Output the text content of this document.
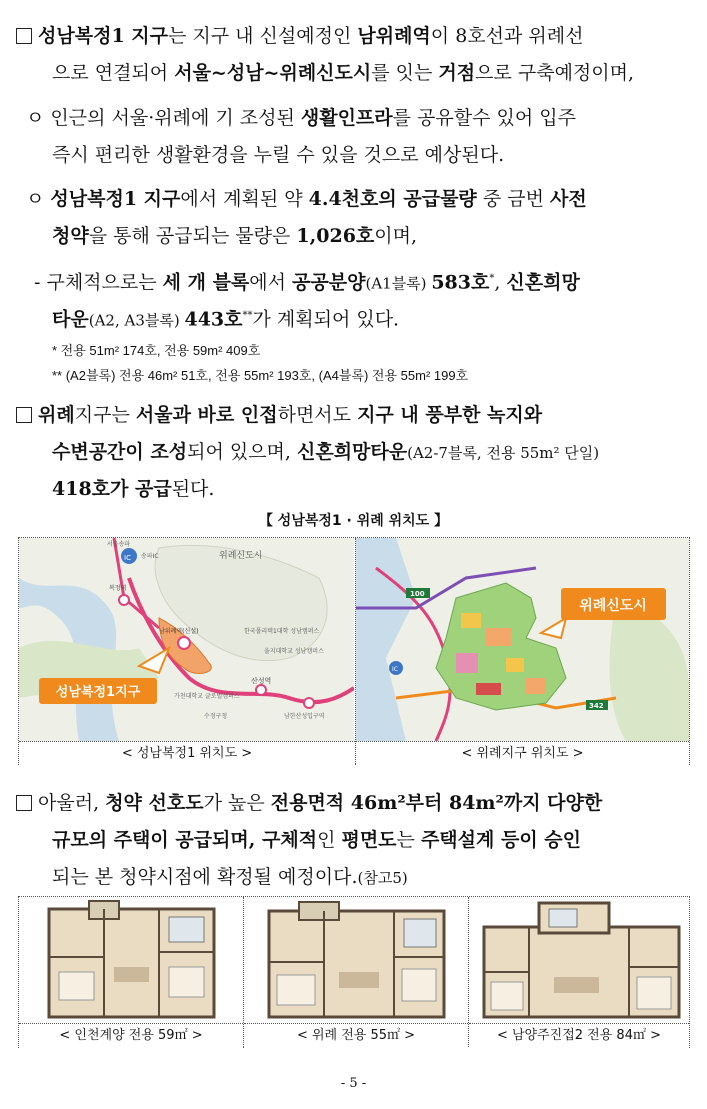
성남복정1 지구는 지구 내 신설예정인 남위례역이 8호선과 위례선
으로 연결되어 서울~성남~위례신도시를 잇는 거점으로 구축예정이며,
ㅇ 인근의 서울·위례에 기 조성된 생활인프라를 공유할수 있어 입주
즉시 편리한 생활환경을 누릴 수 있을 것으로 예상된다.
ㅇ 성남복정1 지구에서 계획된 약 4.4천호의 공급물량 중 금번 사전
청약을 통해 공급되는 물량은 1,026호이며,
- 구체적으로는 세 개 블록에서 공공분양(A1블록) 583호*, 신혼희망
타운(A2, A3블록) 443호**가 계획되어 있다.
* 전용 51m² 174호, 전용 59m² 409호
** (A2블록) 전용 46m² 51호, 전용 55m² 193호, (A4블록) 전용 55m² 199호
위례지구는 서울과 바로 인접하면서도 지구 내 풍부한 녹지와
수변공간이 조성되어 있으며, 신혼희망타운(A2-7블록, 전용 55m² 단일)
418호가 공급된다.
【 성남복정1 · 위례 위치도 】
IC	위례신도시
남위례역(신설)
복정역
산성역
한국폴리텍1대학 성남캠퍼스
을지대학교 성남캠퍼스
가천대학교 글로벌캠퍼스
수정구청	남한산성입구역
서울송파
송파IC
성남복정1지구
100
342
IC
위례신도시
< 성남복정1 위치도 >	< 위례지구 위치도 >
아울러, 청약 선호도가 높은 전용면적 46m²부터 84m²까지 다양한
규모의 주택이 공급되며, 구체적인 평면도는 주택설계 등이 승인
되는 본 청약시점에 확정될 예정이다.(참고5)
< 인천계양 전용 59㎡ >	< 위례 전용 55㎡ >	< 남양주진접2 전용 84㎡ >
- 5 -
